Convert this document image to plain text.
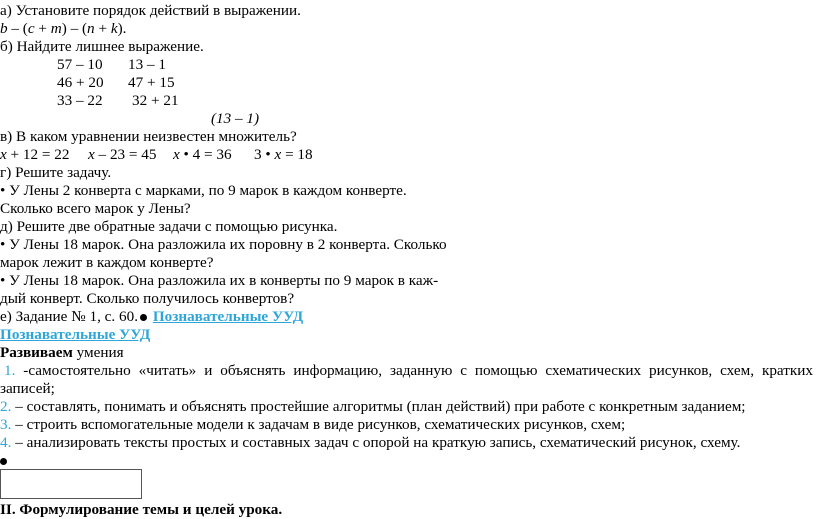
а) Установите порядок действий в выражении.
b – (c + m) – (n + k).
б) Найдите лишнее выражение.
57 – 10 13 – 1
46 + 20 47 + 15
33 – 22 32 + 21
(13 – 1)
в) В каком уравнении неизвестен множитель?
x + 12 = 22 x – 23 = 45 x • 4 = 36 3 • x = 18
г) Решите задачу.
• У Лены 2 конверта с марками, по 9 марок в каждом конверте.
Сколько всего марок у Лены?
д) Решите две обратные задачи с помощью рисунка.
• У Лены 18 марок. Она разложила их поровну в 2 конверта. Сколько
марок лежит в каждом конверте?
• У Лены 18 марок. Она разложила их в конверты по 9 марок в каж-
дый конверт. Сколько получилось конвертов?
е) Задание № 1, с. 60. Познавательные УУД
Познавательные УУД
Развиваем умения
1. -самостоятельно «читать» и объяснять информацию, заданную с помощью схематических рисунков, схем, кратких
записей;
2. – составлять, понимать и объяснять простейшие алгоритмы (план действий) при работе с конкретным заданием;
3. – строить вспомогательные модели к задачам в виде рисунков, схематических рисунков, схем;
4. – анализировать тексты простых и составных задач с опорой на краткую запись, схематический рисунок, схему.
II. Формулирование темы и целей урока.
